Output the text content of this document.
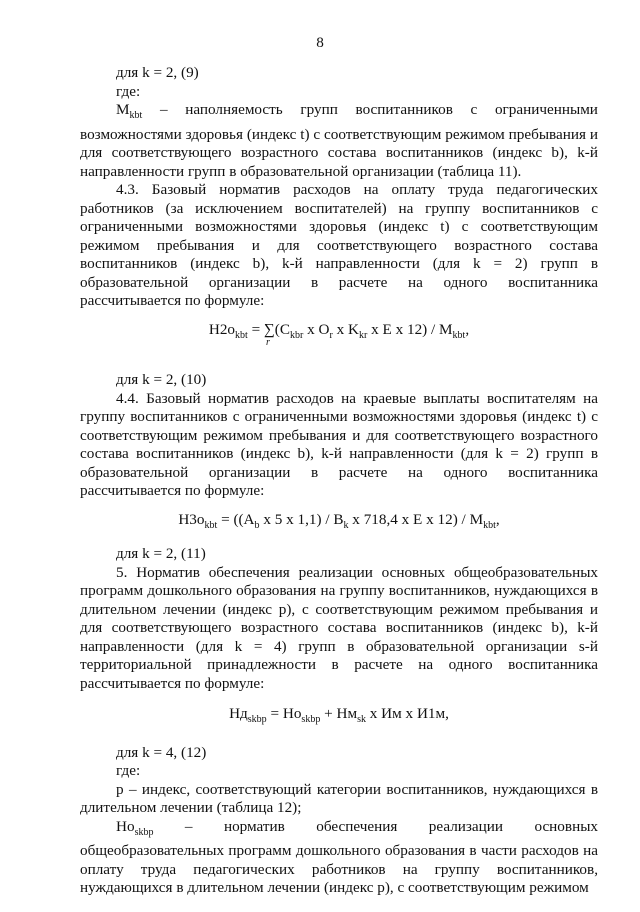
8

для k = 2, (9)

где:

$M_{kbt}$ – наполняемость групп воспитанников с ограниченными

возможностями здоровья (индекс t) с соответствующим режимом пребывания и для соответствующего возрастного состава воспитанников (индекс b), k-й направленности групп в образовательной организации (таблица 11).

4.3. Базовый норматив расходов на оплату труда педагогических работников (за исключением воспитателей) на группу воспитанников с ограниченными возможностями здоровья (индекс t) с соответствующим режимом пребывания и для соответствующего возрастного состава воспитанников (индекс b), k-й направленности (для k = 2) групп в образовательной организации в расчете на одного воспитанника рассчитывается по формуле:

$H2o_{kbt}$ = ∑
r
($C_{kbr}$ x $O_r$ x $K_{kr}$ x E x $12) / M_{kbt}$,

для k = 2, (10)

4.4. Базовый норматив расходов на краевые выплаты воспитателям на группу воспитанников с ограниченными возможностями здоровья (индекс t) с соответствующим режимом пребывания и для соответствующего возрастного состава воспитанников (индекс b), k-й направленности (для k = 2) групп в образовательной организации в расчете на одного воспитанника рассчитывается по формуле:

$H3o_{kbt} = ((A_b$ x 5 x $1,1) / B_k$ x 718,4 x E x $12) / M_{kbt}$,

для k = 2, (11)

5. Норматив обеспечения реализации основных общеобразовательных программ дошкольного образования на группу воспитанников, нуждающихся в длительном лечении (индекс p), с соответствующим режимом пребывания и для соответствующего возрастного состава воспитанников (индекс b), k-й направленности (для k = 4) групп в образовательной организации s-й территориальной принадлежности в расчете на одного воспитанника рассчитывается по формуле:

$Hд_{skbp} = Ho_{skbp} + Hм_{sk}$ x Им x И1м,

для k = 4, (12)

где:

p – индекс, соответствующий категории воспитанников, нуждающихся в длительном лечении (таблица 12);

$Ho_{skbp}$ – норматив обеспечения реализации основных

общеобразовательных программ дошкольного образования в части расходов на оплату труда педагогических работников на группу воспитанников, нуждающихся в длительном лечении (индекс p), с соответствующим режимом
